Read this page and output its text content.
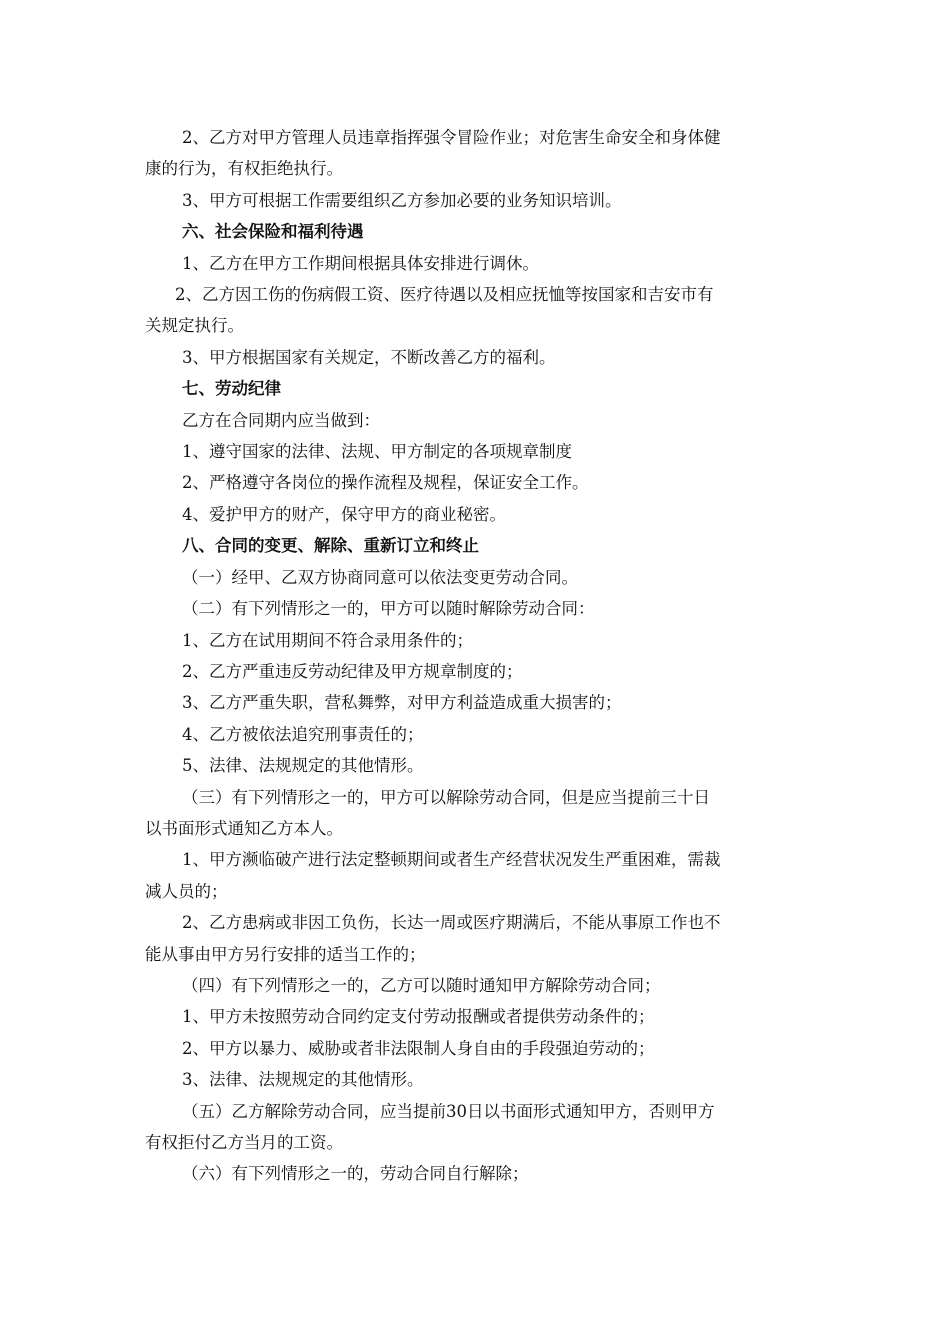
2、乙方对甲方管理人员违章指挥强令冒险作业；对危害生命安全和身体健
康的行为，有权拒绝执行。
3、甲方可根据工作需要组织乙方参加必要的业务知识培训。
六、社会保险和福利待遇
1、乙方在甲方工作期间根据具体安排进行调休。
2、乙方因工伤的伤病假工资、医疗待遇以及相应抚恤等按国家和吉安市有
关规定执行。
3、甲方根据国家有关规定，不断改善乙方的福利。
七、劳动纪律
乙方在合同期内应当做到：
1、遵守国家的法律、法规、甲方制定的各项规章制度
2、严格遵守各岗位的操作流程及规程，保证安全工作。
4、爱护甲方的财产，保守甲方的商业秘密。
八、合同的变更、解除、重新订立和终止
（一）经甲、乙双方协商同意可以依法变更劳动合同。
（二）有下列情形之一的，甲方可以随时解除劳动合同：
1、乙方在试用期间不符合录用条件的；
2、乙方严重违反劳动纪律及甲方规章制度的；
3、乙方严重失职，营私舞弊，对甲方利益造成重大损害的；
4、乙方被依法追究刑事责任的；
5、法律、法规规定的其他情形。
（三）有下列情形之一的，甲方可以解除劳动合同，但是应当提前三十日
以书面形式通知乙方本人。
1、甲方濒临破产进行法定整顿期间或者生产经营状况发生严重困难，需裁
减人员的；
2、乙方患病或非因工负伤，长达一周或医疗期满后，不能从事原工作也不
能从事由甲方另行安排的适当工作的；
（四）有下列情形之一的，乙方可以随时通知甲方解除劳动合同；
1、甲方未按照劳动合同约定支付劳动报酬或者提供劳动条件的；
2、甲方以暴力、威胁或者非法限制人身自由的手段强迫劳动的；
3、法律、法规规定的其他情形。
（五）乙方解除劳动合同，应当提前30日以书面形式通知甲方，否则甲方
有权拒付乙方当月的工资。
（六）有下列情形之一的，劳动合同自行解除；
